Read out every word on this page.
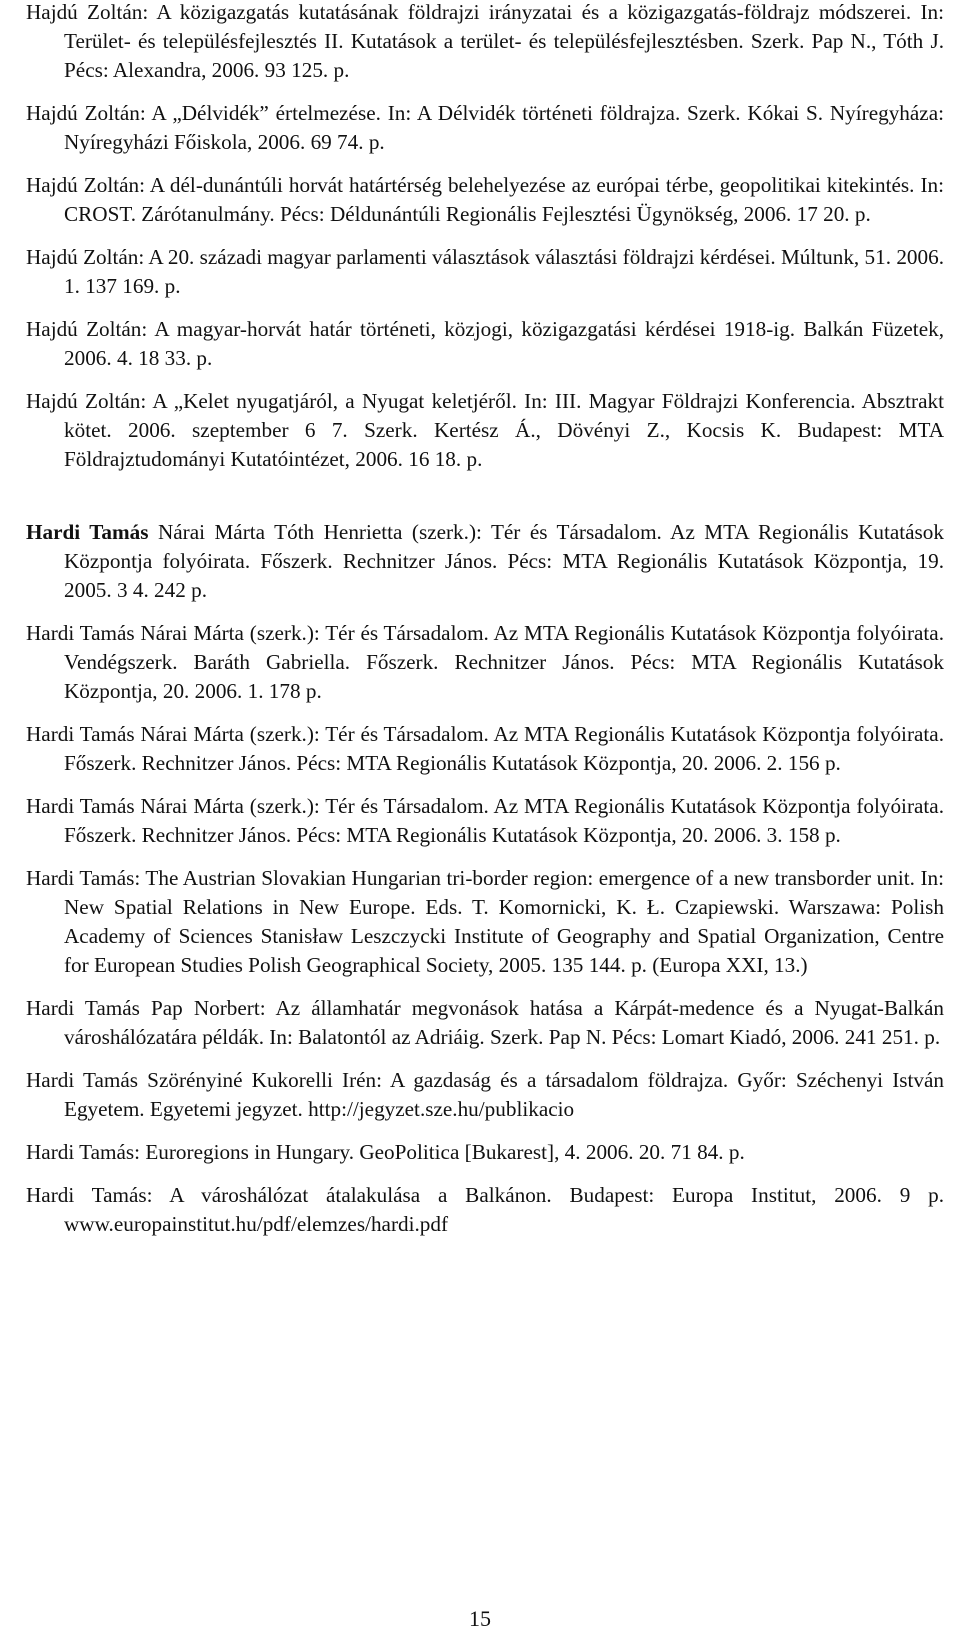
Hajdú Zoltán: A közigazgatás kutatásának földrajzi irányzatai és a közigazgatás-földrajz módszerei. In: Terület- és településfejlesztés II. Kutatások a terület- és településfejlesztésben. Szerk. Pap N., Tóth J. Pécs: Alexandra, 2006. 93 125. p.

Hajdú Zoltán: A „Délvidék” értelmezése. In: A Délvidék történeti földrajza. Szerk. Kókai S. Nyíregyháza: Nyíregyházi Főiskola, 2006. 69 74. p.

Hajdú Zoltán: A dél-dunántúli horvát határtérség belehelyezése az európai térbe, geopolitikai kitekintés. In: CROST. Zárótanulmány. Pécs: Déldunántúli Regionális Fejlesztési Ügynökség, 2006. 17 20. p.

Hajdú Zoltán: A 20. századi magyar parlamenti választások választási földrajzi kérdései. Múltunk, 51. 2006. 1. 137 169. p.

Hajdú Zoltán: A magyar-horvát határ történeti, közjogi, közigazgatási kérdései 1918-ig. Balkán Füzetek, 2006. 4. 18 33. p.

Hajdú Zoltán: A „Kelet nyugatjáról, a Nyugat keletjéről. In: III. Magyar Földrajzi Konferencia. Absztrakt kötet. 2006. szeptember 6 7. Szerk. Kertész Á., Dövényi Z., Kocsis K. Budapest: MTA Földrajztudományi Kutatóintézet, 2006. 16 18. p.

Hardi Tamás Nárai Márta Tóth Henrietta (szerk.): Tér és Társadalom. Az MTA Regionális Kutatások Központja folyóirata. Főszerk. Rechnitzer János. Pécs: MTA Regionális Kutatások Központja, 19. 2005. 3 4. 242 p.

Hardi Tamás Nárai Márta (szerk.): Tér és Társadalom. Az MTA Regionális Kutatások Központja folyóirata. Vendégszerk. Baráth Gabriella. Főszerk. Rechnitzer János. Pécs: MTA Regionális Kutatások Központja, 20. 2006. 1. 178 p.

Hardi Tamás Nárai Márta (szerk.): Tér és Társadalom. Az MTA Regionális Kutatások Központja folyóirata. Főszerk. Rechnitzer János. Pécs: MTA Regionális Kutatások Központja, 20. 2006. 2. 156 p.

Hardi Tamás Nárai Márta (szerk.): Tér és Társadalom. Az MTA Regionális Kutatások Központja folyóirata. Főszerk. Rechnitzer János. Pécs: MTA Regionális Kutatások Központja, 20. 2006. 3. 158 p.

Hardi Tamás: The Austrian Slovakian Hungarian tri-border region: emergence of a new transborder unit. In: New Spatial Relations in New Europe. Eds. T. Komornicki, K. Ł. Czapiewski. Warszawa: Polish Academy of Sciences Stanisław Leszczycki Institute of Geography and Spatial Organization, Centre for European Studies Polish Geographical Society, 2005. 135 144. p. (Europa XXI, 13.)

Hardi Tamás Pap Norbert: Az államhatár megvonások hatása a Kárpát-medence és a Nyugat-Balkán városhálózatára példák. In: Balatontól az Adriáig. Szerk. Pap N. Pécs: Lomart Kiadó, 2006. 241 251. p.

Hardi Tamás Szörényiné Kukorelli Irén: A gazdaság és a társadalom földrajza. Győr: Széchenyi István Egyetem. Egyetemi jegyzet. http://jegyzet.sze.hu/publikacio

Hardi Tamás: Euroregions in Hungary. GeoPolitica [Bukarest], 4. 2006. 20. 71 84. p.

Hardi Tamás: A városhálózat átalakulása a Balkánon. Budapest: Europa Institut, 2006. 9 p. www.europainstitut.hu/pdf/elemzes/hardi.pdf

15
